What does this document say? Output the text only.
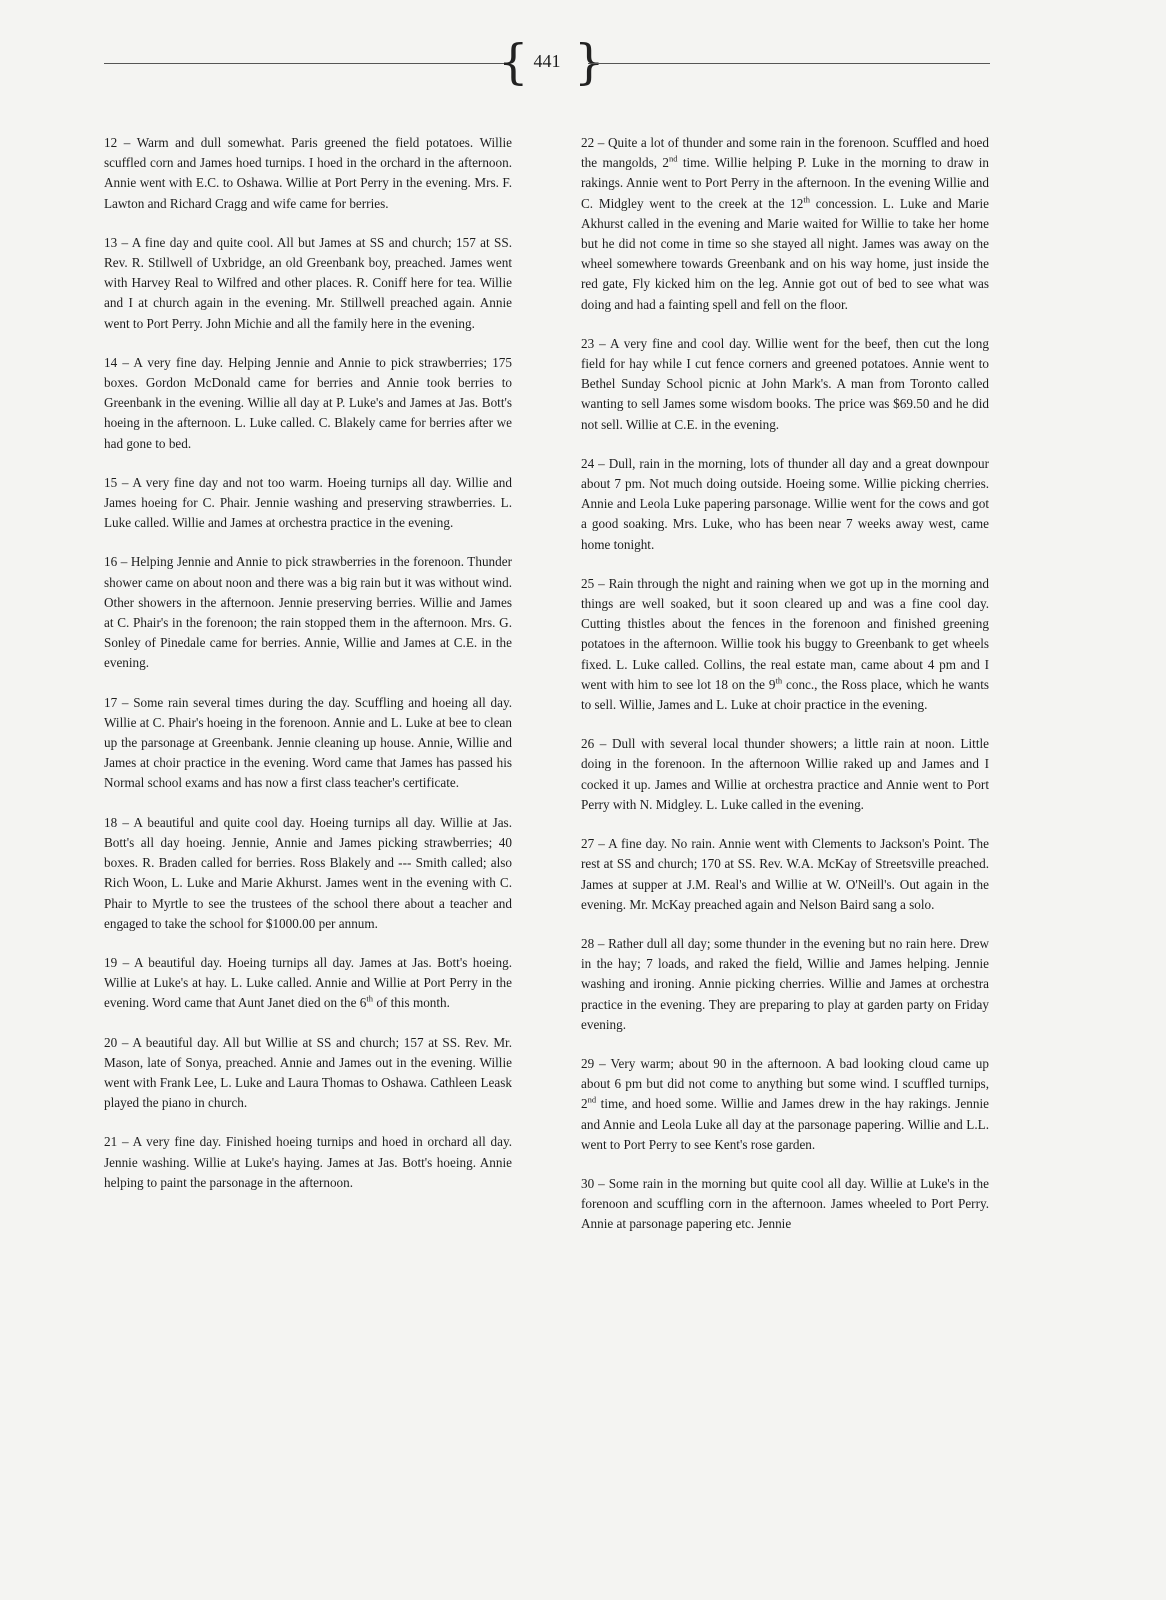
{ 441 }

12 – Warm and dull somewhat. Paris greened the field potatoes. Willie scuffled corn and James hoed turnips. I hoed in the orchard in the afternoon. Annie went with E.C. to Oshawa. Willie at Port Perry in the evening. Mrs. F. Lawton and Richard Cragg and wife came for berries.

13 – A fine day and quite cool. All but James at SS and church; 157 at SS. Rev. R. Stillwell of Uxbridge, an old Greenbank boy, preached. James went with Harvey Real to Wilfred and other places. R. Coniff here for tea. Willie and I at church again in the evening. Mr. Stillwell preached again. Annie went to Port Perry. John Michie and all the family here in the evening.

14 – A very fine day. Helping Jennie and Annie to pick strawberries; 175 boxes. Gordon McDonald came for berries and Annie took berries to Greenbank in the evening. Willie all day at P. Luke's and James at Jas. Bott's hoeing in the afternoon. L. Luke called. C. Blakely came for berries after we had gone to bed.

15 – A very fine day and not too warm. Hoeing turnips all day. Willie and James hoeing for C. Phair. Jennie washing and preserving strawberries. L. Luke called. Willie and James at orchestra practice in the evening.

16 – Helping Jennie and Annie to pick strawberries in the forenoon. Thunder shower came on about noon and there was a big rain but it was without wind. Other showers in the afternoon. Jennie preserving berries. Willie and James at C. Phair's in the forenoon; the rain stopped them in the afternoon. Mrs. G. Sonley of Pinedale came for berries. Annie, Willie and James at C.E. in the evening.

17 – Some rain several times during the day. Scuffling and hoeing all day. Willie at C. Phair's hoeing in the forenoon. Annie and L. Luke at bee to clean up the parsonage at Greenbank. Jennie cleaning up house. Annie, Willie and James at choir practice in the evening. Word came that James has passed his Normal school exams and has now a first class teacher's certificate.

18 – A beautiful and quite cool day. Hoeing turnips all day. Willie at Jas. Bott's all day hoeing. Jennie, Annie and James picking strawberries; 40 boxes. R. Braden called for berries. Ross Blakely and --- Smith called; also Rich Woon, L. Luke and Marie Akhurst. James went in the evening with C. Phair to Myrtle to see the trustees of the school there about a teacher and engaged to take the school for $1000.00 per annum.

19 – A beautiful day. Hoeing turnips all day. James at Jas. Bott's hoeing. Willie at Luke's at hay. L. Luke called. Annie and Willie at Port Perry in the evening. Word came that Aunt Janet died on the 6th of this month.

20 – A beautiful day. All but Willie at SS and church; 157 at SS. Rev. Mr. Mason, late of Sonya, preached. Annie and James out in the evening. Willie went with Frank Lee, L. Luke and Laura Thomas to Oshawa. Cathleen Leask played the piano in church.

21 – A very fine day. Finished hoeing turnips and hoed in orchard all day. Jennie washing. Willie at Luke's haying. James at Jas. Bott's hoeing. Annie helping to paint the parsonage in the afternoon.

22 – Quite a lot of thunder and some rain in the forenoon. Scuffled and hoed the mangolds, 2nd time. Willie helping P. Luke in the morning to draw in rakings. Annie went to Port Perry in the afternoon. In the evening Willie and C. Midgley went to the creek at the 12th concession. L. Luke and Marie Akhurst called in the evening and Marie waited for Willie to take her home but he did not come in time so she stayed all night. James was away on the wheel somewhere towards Greenbank and on his way home, just inside the red gate, Fly kicked him on the leg. Annie got out of bed to see what was doing and had a fainting spell and fell on the floor.

23 – A very fine and cool day. Willie went for the beef, then cut the long field for hay while I cut fence corners and greened potatoes. Annie went to Bethel Sunday School picnic at John Mark's. A man from Toronto called wanting to sell James some wisdom books. The price was $69.50 and he did not sell. Willie at C.E. in the evening.

24 – Dull, rain in the morning, lots of thunder all day and a great downpour about 7 pm. Not much doing outside. Hoeing some. Willie picking cherries. Annie and Leola Luke papering parsonage. Willie went for the cows and got a good soaking. Mrs. Luke, who has been near 7 weeks away west, came home tonight.

25 – Rain through the night and raining when we got up in the morning and things are well soaked, but it soon cleared up and was a fine cool day. Cutting thistles about the fences in the forenoon and finished greening potatoes in the afternoon. Willie took his buggy to Greenbank to get wheels fixed. L. Luke called. Collins, the real estate man, came about 4 pm and I went with him to see lot 18 on the 9th conc., the Ross place, which he wants to sell. Willie, James and L. Luke at choir practice in the evening.

26 – Dull with several local thunder showers; a little rain at noon. Little doing in the forenoon. In the afternoon Willie raked up and James and I cocked it up. James and Willie at orchestra practice and Annie went to Port Perry with N. Midgley. L. Luke called in the evening.

27 – A fine day. No rain. Annie went with Clements to Jackson's Point. The rest at SS and church; 170 at SS. Rev. W.A. McKay of Streetsville preached. James at supper at J.M. Real's and Willie at W. O'Neill's. Out again in the evening. Mr. McKay preached again and Nelson Baird sang a solo.

28 – Rather dull all day; some thunder in the evening but no rain here. Drew in the hay; 7 loads, and raked the field, Willie and James helping. Jennie washing and ironing. Annie picking cherries. Willie and James at orchestra practice in the evening. They are preparing to play at garden party on Friday evening.

29 – Very warm; about 90 in the afternoon. A bad looking cloud came up about 6 pm but did not come to anything but some wind. I scuffled turnips, 2nd time, and hoed some. Willie and James drew in the hay rakings. Jennie and Annie and Leola Luke all day at the parsonage papering. Willie and L.L. went to Port Perry to see Kent's rose garden.

30 – Some rain in the morning but quite cool all day. Willie at Luke's in the forenoon and scuffling corn in the afternoon. James wheeled to Port Perry. Annie at parsonage papering etc. Jennie
